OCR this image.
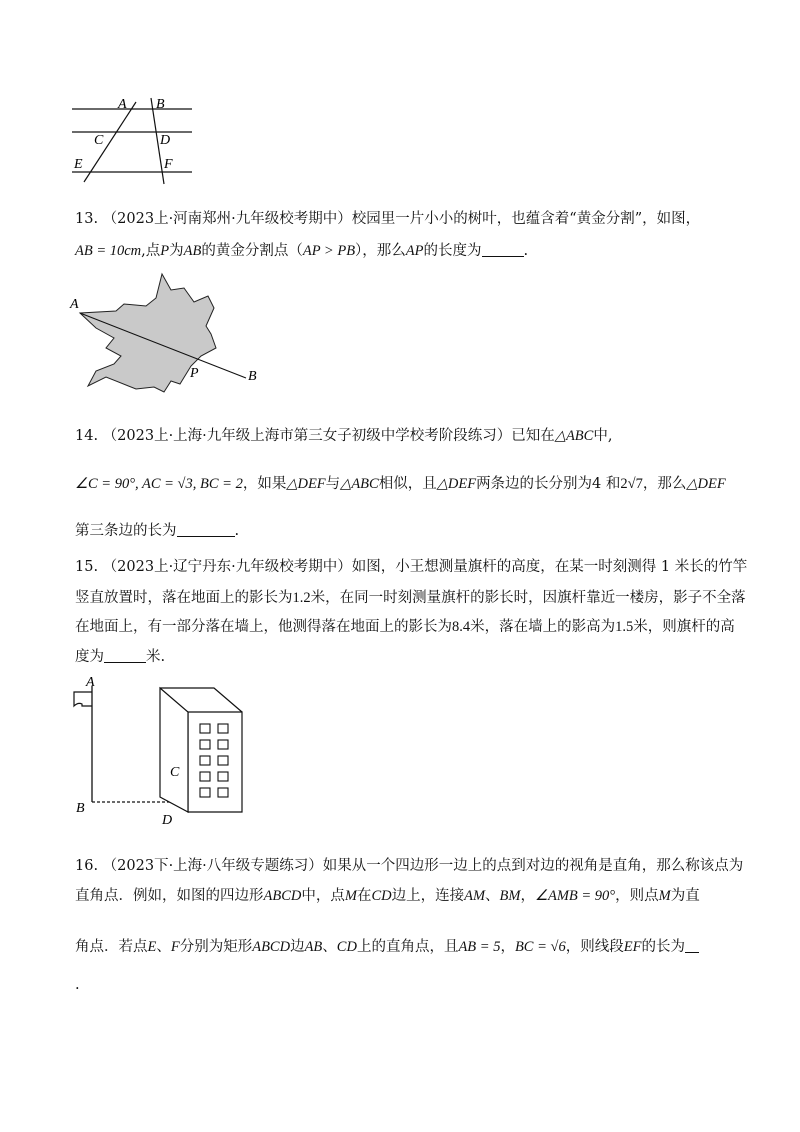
A B
C	D
E	F
13. （2023上·河南郑州·九年级校考期中）校园里一片小小的树叶，也蕴含着“黄金分割”，如图，
AB = 10cm,点P为AB的黄金分割点（AP > PB），那么AP的长度为	.
A
P	B
14. （2023上·上海·九年级上海市第三女子初级中学校考阶段练习）已知在△ABC中,
∠C = 90°, AC = √3, BC = 2，如果△DEF与△ABC相似，且△DEF两条边的长分别为4 和2√7，那么△DEF
第三条边的长为	.
15. （2023上·辽宁丹东·九年级校考期中）如图，小王想测量旗杆的高度，在某一时刻测得 1 米长的竹竿
竖直放置时，落在地面上的影长为1.2米，在同一时刻测量旗杆的影长时，因旗杆靠近一楼房，影子不全落
在地面上，有一部分落在墙上，他测得落在地面上的影长为8.4米，落在墙上的影高为1.5米，则旗杆的高
度为	米.
A
B
C
D
16. （2023下·上海·八年级专题练习）如果从一个四边形一边上的点到对边的视角是直角，那么称该点为
直角点．例如，如图的四边形ABCD中，点M在CD边上，连接AM、BM，∠AMB = 90°，则点M为直
角点．若点E、F分别为矩形ABCD边AB、CD上的直角点，且AB = 5，BC = √6，则线段EF的长为
.
